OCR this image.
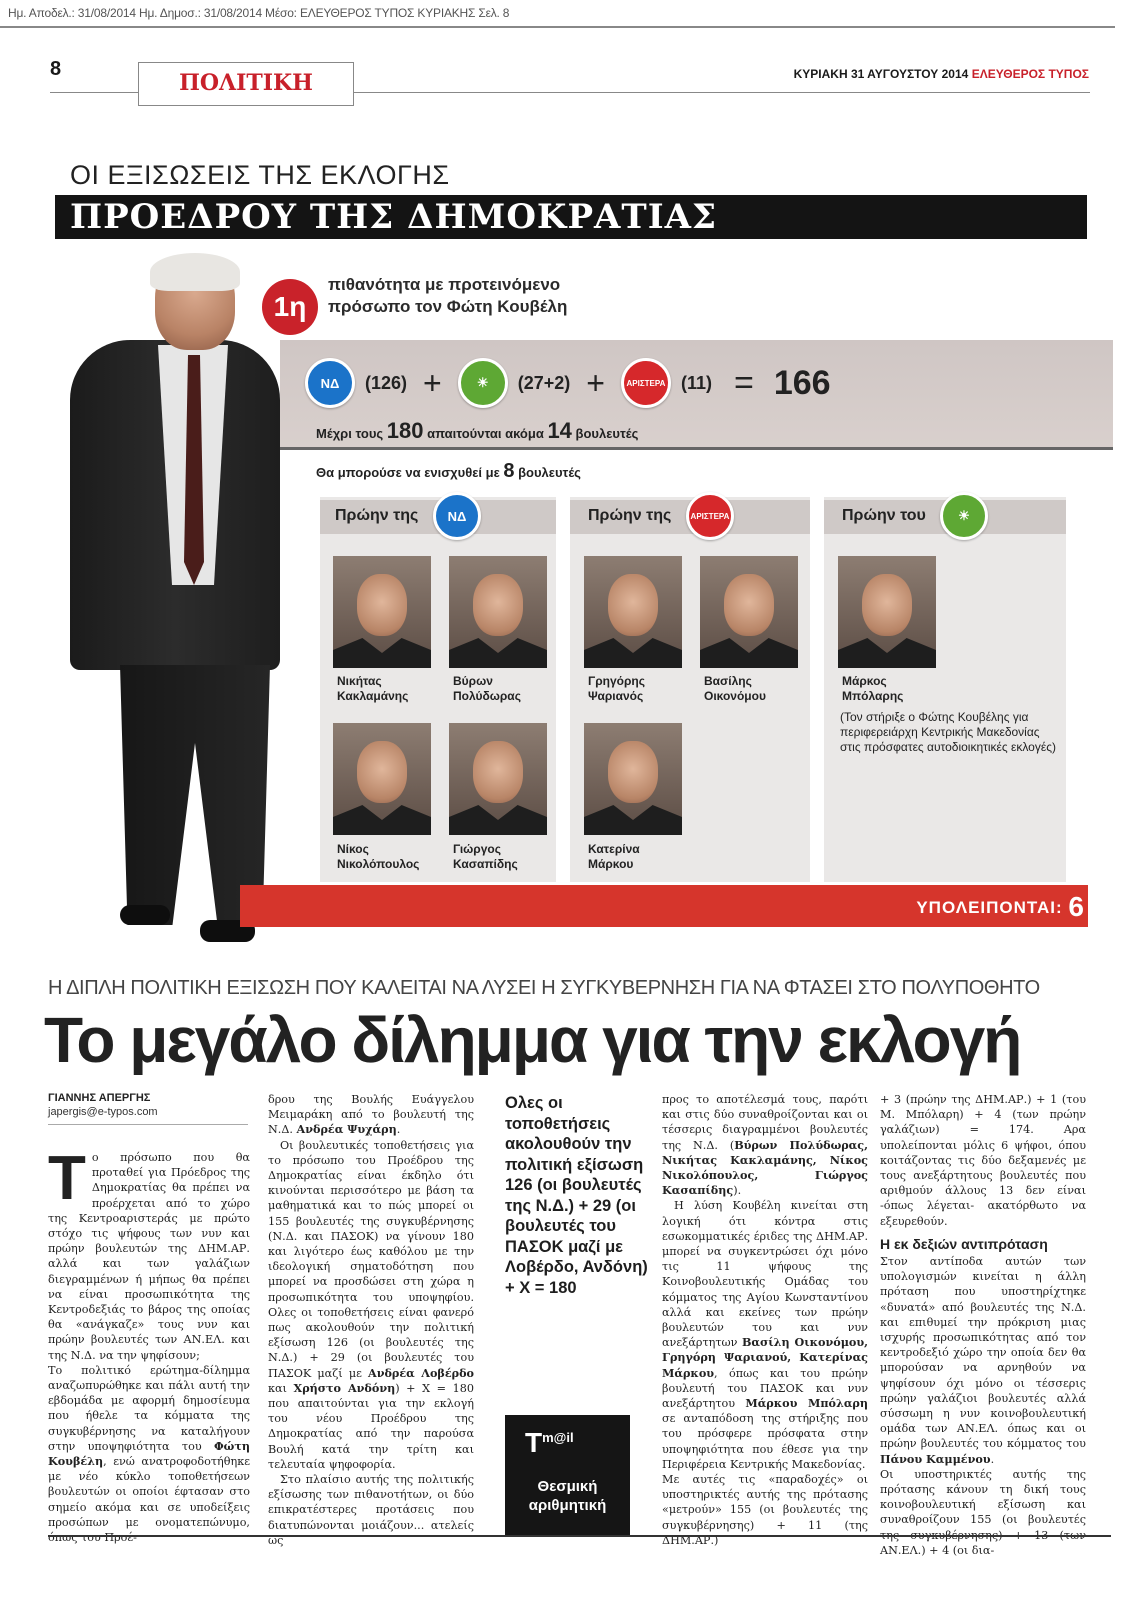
Ημ. Αποδελ.: 31/08/2014 Ημ. Δημοσ.: 31/08/2014 Μέσο: ΕΛΕΥΘΕΡΟΣ ΤΥΠΟΣ ΚΥΡΙΑΚΗΣ Σελ. 8
8
ΠΟΛΙΤΙΚΗ	ΚΥΡΙΑΚΗ 31 ΑΥΓΟΥΣΤΟΥ 2014 ΕΛΕΥΘΕΡΟΣ ΤΥΠΟΣ
ΟΙ ΕΞΙΣΩΣΕΙΣ ΤΗΣ ΕΚΛΟΓΗΣ
ΠΡΟΕΔΡΟΥ ΤΗΣ ΔΗΜΟΚΡΑΤΙΑΣ
1η
πιθανότητα με προτεινόμενο
πρόσωπο τον Φώτη Κουβέλη
ΝΔ	(126) +	☀	(27+2) +	ΑΡΙΣΤΕΡΑ (11) = 166
Μέχρι τους 180 απαιτούνται ακόμα 14 βουλευτές
Θα μπορούσε να ενισχυθεί με 8 βουλευτές
Πρώην της	ΝΔ	Πρώην της	ΑΡΙΣΤΕΡΑ	Πρώην του	☀
Νικήτας
Κακλαμάνης
Βύρων
Πολύδωρας
Γρηγόρης
Ψαριανός
Βασίλης
Οικονόμου
Μάρκος
Μπόλαρης
(Τον στήριξε ο Φώτης Κουβέλης για περιφερειάρχη Κεντρικής Μακεδονίας στις πρόσφατες αυτοδιοικητικές εκλογές)
Νίκος
Νικολόπουλος
Γιώργος
Κασαπίδης
Κατερίνα
Μάρκου
ΥΠΟΛΕΙΠΟΝΤΑΙ: 6
Η ΔΙΠΛΗ ΠΟΛΙΤΙΚΗ ΕΞΙΣΩΣΗ ΠΟΥ ΚΑΛΕΙΤΑΙ ΝΑ ΛΥΣΕΙ Η ΣΥΓΚΥΒΕΡΝΗΣΗ ΓΙΑ ΝΑ ΦΤΑΣΕΙ ΣΤΟ ΠΟΛΥΠΟΘΗΤΟ
Το μεγάλο δίλημμα για την εκλογή
ΓΙΑΝΝΗΣ ΑΠΕΡΓΗΣ
japergis@e-typos.com
Τ ο πρόσωπο που θα προταθεί για Πρόεδρος της Δημοκρατίας θα πρέπει να προέρχεται από το χώρο της Κεντροαριστεράς με πρώτο στόχο τις ψήφους των νυν και πρώην βουλευτών της ΔΗΜ.ΑΡ. αλλά και των γαλάζιων διεγραμμένων ή μήπως θα πρέπει να είναι προσωπικότητα της Κεντροδεξιάς το βάρος της οποίας θα «ανάγκαζε» τους νυν και πρώην βουλευτές των ΑΝ.ΕΛ. και της Ν.Δ. να την ψηφίσουν;

Το πολιτικό ερώτημα-δίλημμα αναζωπυρώθηκε και πάλι αυτή την εβδομάδα με αφορμή δημοσίευμα που ήθελε τα κόμματα της συγκυβέρνησης να καταλήγουν στην υποψηφιότητα του Φώτη Κουβέλη, ενώ ανατροφοδοτήθηκε με νέο κύκλο τοποθετήσεων βουλευτών οι οποίοι έφτασαν στο σημείο ακόμα και σε υποδείξεις προσώπων με ονοματεπώνυμο, όπως του Προέ-

δρου της Βουλής Ευάγγελου Μειμαράκη από το βουλευτή της Ν.Δ. Ανδρέα Ψυχάρη.

Οι βουλευτικές τοποθετήσεις για το πρόσωπο του Προέδρου της Δημοκρατίας είναι έκδηλο ότι κινούνται περισσότερο με βάση τα μαθηματικά και το πώς μπορεί οι 155 βουλευτές της συγκυβέρνησης (Ν.Δ. και ΠΑΣΟΚ) να γίνουν 180 και λιγότερο έως καθόλου με την ιδεολογική σηματοδότηση που μπορεί να προσδώσει στη χώρα η προσωπικότητα του υποψηφίου. Ολες οι τοποθετήσεις είναι φανερό πως ακολουθούν την πολιτική εξίσωση 126 (οι βουλευτές της Ν.Δ.) + 29 (οι βουλευτές του ΠΑΣΟΚ μαζί με Ανδρέα Λοβέρδο και Χρήστο Ανδόνη) + Χ = 180 που απαιτούνται για την εκλογή του νέου Προέδρου της Δημοκρατίας από την παρούσα Βουλή κατά την τρίτη και τελευταία ψηφοφορία.

Στο πλαίσιο αυτής της πολιτικής εξίσωσης των πιθανοτήτων, οι δύο επικρατέστερες προτάσεις που διατυπώνονται μοιάζουν... ατελείς ως

Ολες οι τοποθετήσεις ακολουθούν την πολιτική εξίσωση 126 (οι βουλευτές της Ν.Δ.) + 29 (οι βουλευτές του ΠΑΣΟΚ μαζί με Λοβέρδο, Ανδόνη) + Χ = 180
$T^{m@il}$
Θεσμική αριθμητική

προς το αποτέλεσμά τους, παρότι και στις δύο συναθροίζονται και οι τέσσερις διαγραμμένοι βουλευτές της Ν.Δ. (Βύρων Πολύδωρας, Νικήτας Κακλαμάνης, Νίκος Νικολόπουλος, Γιώργος Κασαπίδης).

Η λύση Κουβέλη κινείται στη λογική ότι κόντρα στις εσωκομματικές έριδες της ΔΗΜ.ΑΡ. μπορεί να συγκεντρώσει όχι μόνο τις 11 ψήφους της Κοινοβουλευτικής Ομάδας του κόμματος της Αγίου Κωνσταντίνου αλλά και εκείνες των πρώην βουλευτών του και νυν ανεξάρτητων Βασίλη Οικονόμου, Γρηγόρη Ψαριανού, Κατερίνας Μάρκου, όπως και του πρώην βουλευτή του ΠΑΣΟΚ και νυν ανεξάρτητου Μάρκου Μπόλαρη σε ανταπόδοση της στήριξης που του πρόσφερε πρόσφατα στην υποψηφιότητα που έθεσε για την Περιφέρεια Κεντρικής Μακεδονίας.

Με αυτές τις «παραδοχές» οι υποστηρικτές αυτής της πρότασης «μετρούν» 155 (οι βουλευτές της συγκυβέρνησης) + 11 (της ΔΗΜ.ΑΡ.)

+ 3 (πρώην της ΔΗΜ.ΑΡ.) + 1 (του Μ. Μπόλαρη) + 4 (των πρώην γαλάζιων) = 174. Αρα υπολείπονται μόλις 6 ψήφοι, όπου κοιτάζοντας τις δύο δεξαμενές με τους ανεξάρτητους βουλευτές που αριθμούν άλλους 13 δεν είναι -όπως λέγεται- ακατόρθωτο να εξευρεθούν.

Η εκ δεξιών αντιπρόταση

Στον αντίποδα αυτών των υπολογισμών κινείται η άλλη πρόταση που υποστηρίχτηκε «δυνατά» από βουλευτές της Ν.Δ. και επιθυμεί την πρόκριση μιας ισχυρής προσωπικότητας από τον κεντροδεξιό χώρο την οποία δεν θα μπορούσαν να αρνηθούν να ψηφίσουν όχι μόνο οι τέσσερις πρώην γαλάζιοι βουλευτές αλλά σύσσωμη η νυν κοινοβουλευτική ομάδα των ΑΝ.ΕΛ. όπως και οι πρώην βουλευτές του κόμματος του Πάνου Καμμένου.

Οι υποστηρικτές αυτής της πρότασης κάνουν τη δική τους κοινοβουλευτική εξίσωση και συναθροίζουν 155 (οι βουλευτές της συγκυβέρνησης) + 13 (των ΑΝ.ΕΛ.) + 4 (οι δια-
